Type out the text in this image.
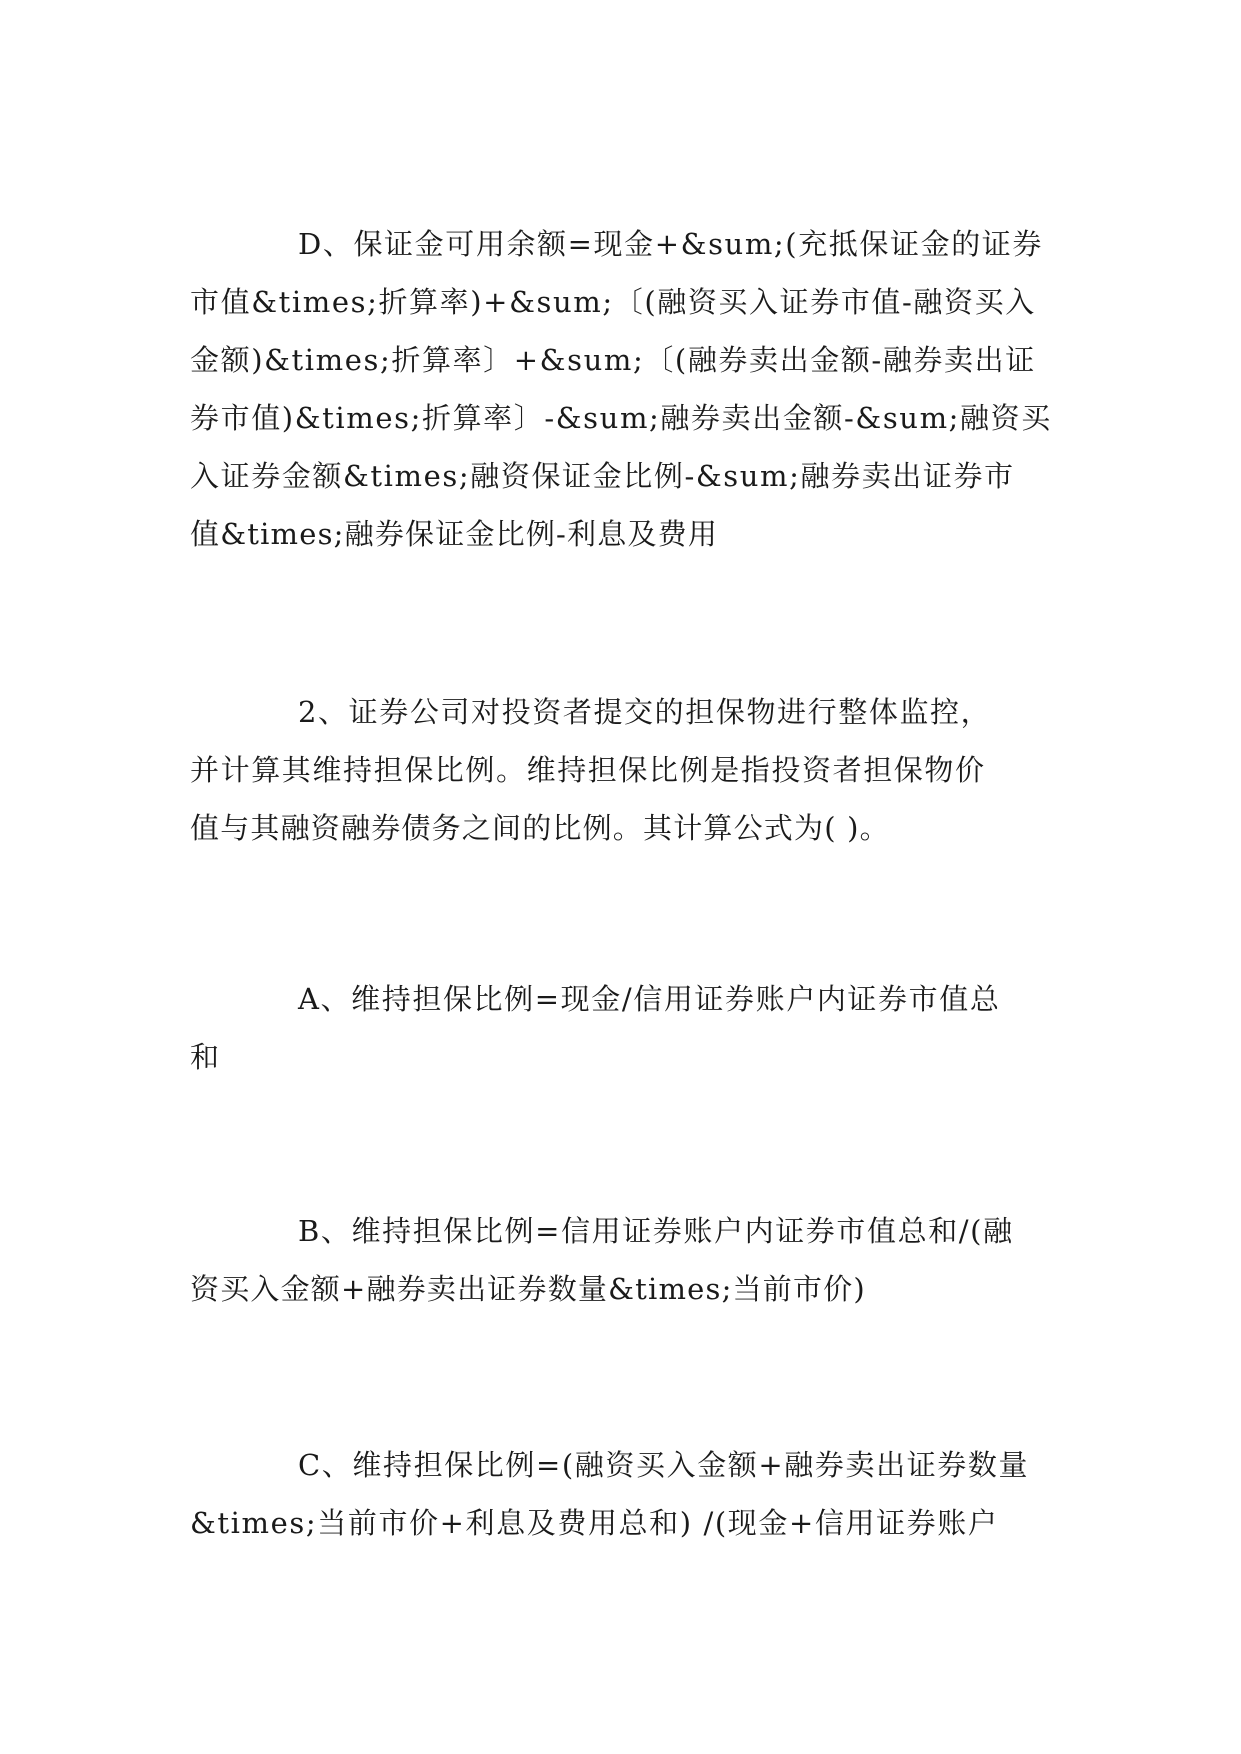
D、保证金可用余额=现金+&sum;(充抵保证金的证券
市值&times;折算率)+&sum;〔(融资买入证券市值-融资买入
金额)&times;折算率〕+&sum;〔(融券卖出金额-融券卖出证
券市值)&times;折算率〕-&sum;融券卖出金额-&sum;融资买
入证券金额&times;融资保证金比例-&sum;融券卖出证券市
值&times;融券保证金比例-利息及费用
2、证券公司对投资者提交的担保物进行整体监控，
并计算其维持担保比例。维持担保比例是指投资者担保物价
值与其融资融券债务之间的比例。其计算公式为( )。
A、维持担保比例=现金/信用证券账户内证券市值总
和
B、维持担保比例=信用证券账户内证券市值总和/(融
资买入金额+融券卖出证券数量&times;当前市价)
C、维持担保比例=(融资买入金额+融券卖出证券数量
&times;当前市价+利息及费用总和) /(现金+信用证券账户
